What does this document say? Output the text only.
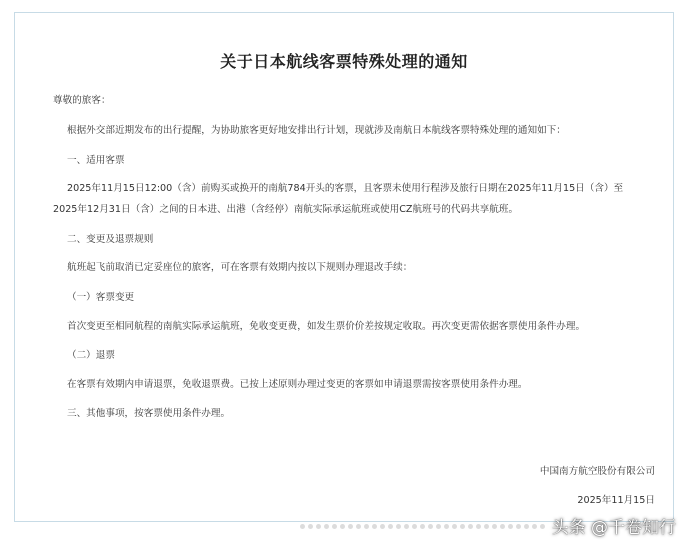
关于日本航线客票特殊处理的通知
尊敬的旅客：
根据外交部近期发布的出行提醒，为协助旅客更好地安排出行计划，现就涉及南航日本航线客票特殊处理的通知如下：
一、适用客票
2025年11月15日12:00（含）前购买或换开的南航784开头的客票，且客票未使用行程涉及旅行日期在2025年11月15日（含）至
2025年12月31日（含）之间的日本进、出港（含经停）南航实际承运航班或使用CZ航班号的代码共享航班。
二、变更及退票规则
航班起飞前取消已定妥座位的旅客，可在客票有效期内按以下规则办理退改手续：
（一）客票变更
首次变更至相同航程的南航实际承运航班，免收变更费，如发生票价价差按规定收取。再次变更需依据客票使用条件办理。
（二）退票
在客票有效期内申请退票，免收退票费。已按上述原则办理过变更的客票如申请退票需按客票使用条件办理。
三、其他事项，按客票使用条件办理。
中国南方航空股份有限公司
2025年11月15日
头条 @千卷知行
